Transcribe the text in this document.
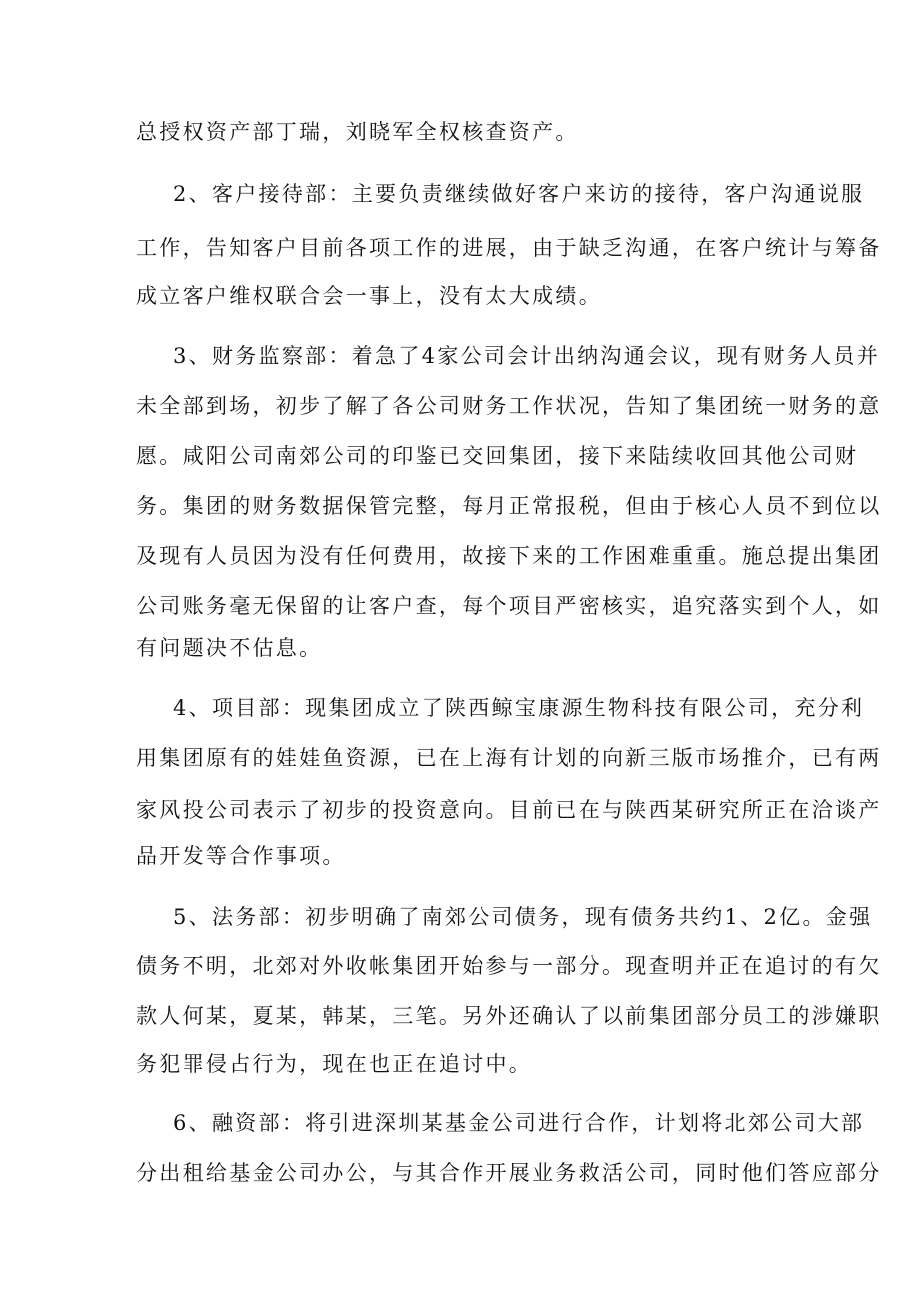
总授权资产部丁瑞，刘晓军全权核查资产。
2、客户接待部：主要负责继续做好客户来访的接待，客户沟通说服
工作，告知客户目前各项工作的进展，由于缺乏沟通，在客户统计与筹备
成立客户维权联合会一事上，没有太大成绩。
3、财务监察部：着急了4家公司会计出纳沟通会议，现有财务人员并
未全部到场，初步了解了各公司财务工作状况，告知了集团统一财务的意
愿。咸阳公司南郊公司的印鉴已交回集团，接下来陆续收回其他公司财
务。集团的财务数据保管完整，每月正常报税，但由于核心人员不到位以
及现有人员因为没有任何费用，故接下来的工作困难重重。施总提出集团
公司账务毫无保留的让客户查，每个项目严密核实，追究落实到个人，如
有问题决不估息。
4、项目部：现集团成立了陕西鲸宝康源生物科技有限公司，充分利
用集团原有的娃娃鱼资源，已在上海有计划的向新三版市场推介，已有两
家风投公司表示了初步的投资意向。目前已在与陕西某研究所正在洽谈产
品开发等合作事项。
5、法务部：初步明确了南郊公司债务，现有债务共约1、2亿。金强
债务不明，北郊对外收帐集团开始参与一部分。现查明并正在追讨的有欠
款人何某，夏某，韩某，三笔。另外还确认了以前集团部分员工的涉嫌职
务犯罪侵占行为，现在也正在追讨中。
6、融资部：将引进深圳某基金公司进行合作，计划将北郊公司大部
分出租给基金公司办公，与其合作开展业务救活公司，同时他们答应部分
